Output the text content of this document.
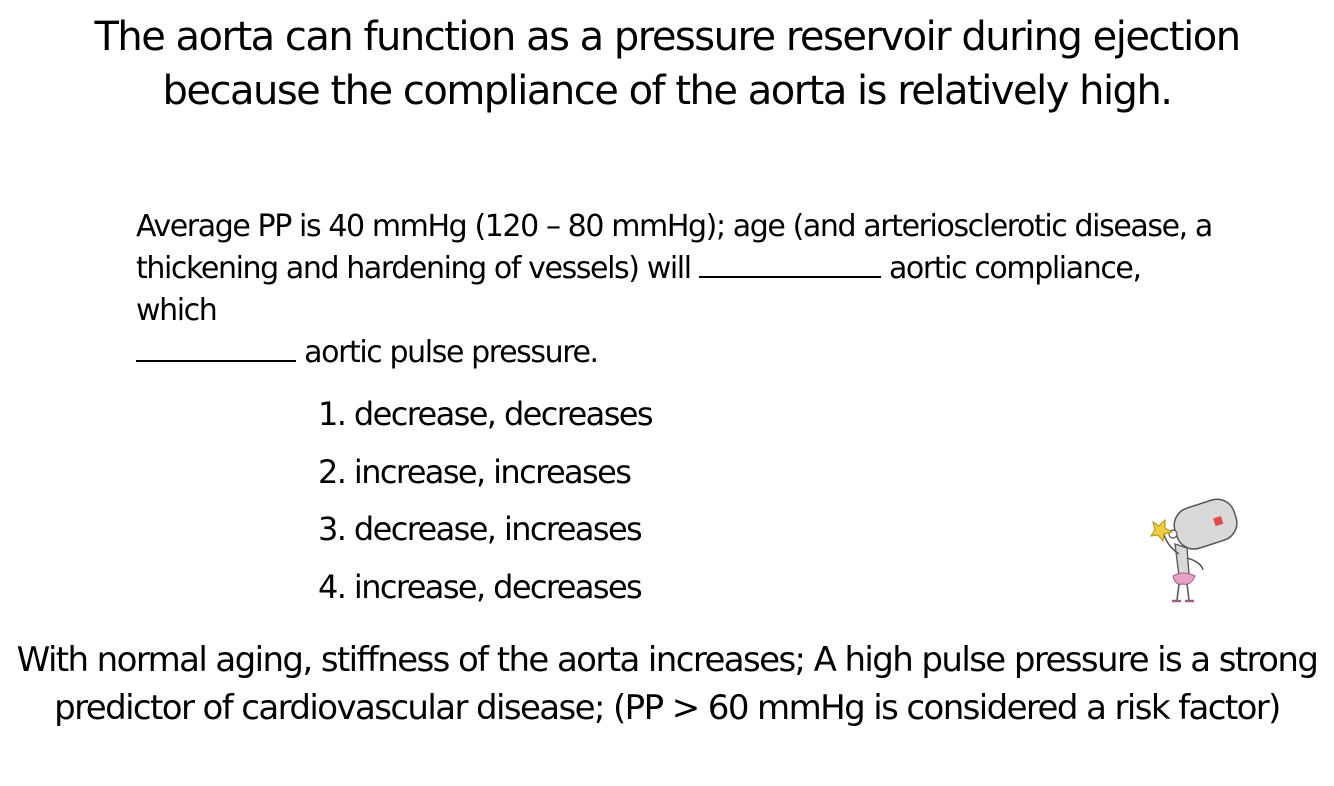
The aorta can function as a pressure reservoir during ejection
because the compliance of the aorta is relatively high.
Average PP is 40 mmHg (120 – 80 mmHg); age (and arteriosclerotic disease, a thickening and hardening of vessels) will	aortic compliance, which
aortic pulse pressure.
1. decrease, decreases
2. increase, increases
3. decrease, increases
4. increase, decreases
With normal aging, stiffness of the aorta increases; A high pulse pressure is a strong
predictor of cardiovascular disease; (PP > 60 mmHg is considered a risk factor)
